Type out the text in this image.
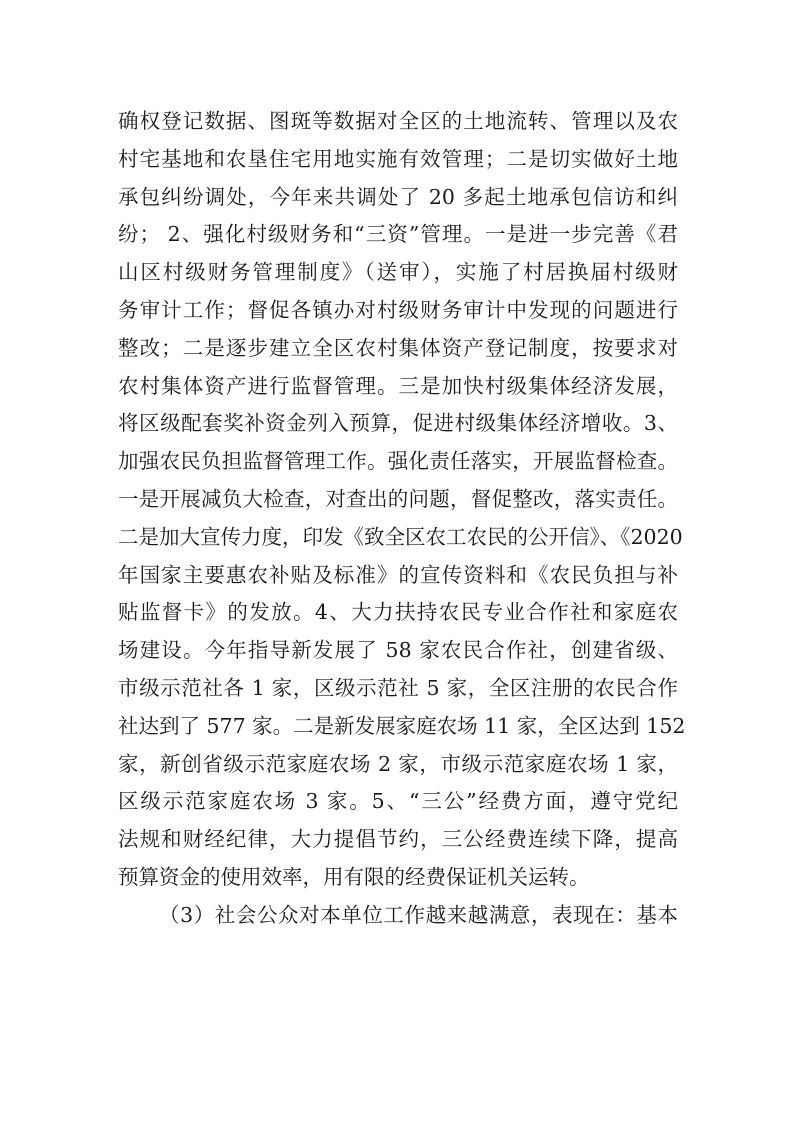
确权登记数据、图斑等数据对全区的土地流转、管理以及农
村宅基地和农垦住宅用地实施有效管理；二是切实做好土地
承包纠纷调处，今年来共调处了 20 多起土地承包信访和纠
纷； 2、强化村级财务和“三资”管理。一是进一步完善《君
山区村级财务管理制度》（送审），实施了村居换届村级财
务审计工作；督促各镇办对村级财务审计中发现的问题进行
整改；二是逐步建立全区农村集体资产登记制度，按要求对
农村集体资产进行监督管理。三是加快村级集体经济发展，
将区级配套奖补资金列入预算，促进村级集体经济增收。3、
加强农民负担监督管理工作。强化责任落实，开展监督检查。
一是开展减负大检查，对查出的问题，督促整改，落实责任。
二是加大宣传力度，印发《致全区农工农民的公开信》、《2020
年国家主要惠农补贴及标准》的宣传资料和《农民负担与补
贴监督卡》的发放。4、大力扶持农民专业合作社和家庭农
场建设。今年指导新发展了 58 家农民合作社，创建省级、
市级示范社各 1 家，区级示范社 5 家，全区注册的农民合作
社达到了 577 家。二是新发展家庭农场 11 家，全区达到 152
家，新创省级示范家庭农场 2 家，市级示范家庭农场 1 家，
区级示范家庭农场 3 家。5、“三公”经费方面，遵守党纪
法规和财经纪律，大力提倡节约，三公经费连续下降，提高
预算资金的使用效率，用有限的经费保证机关运转。
（3）社会公众对本单位工作越来越满意，表现在：基本
